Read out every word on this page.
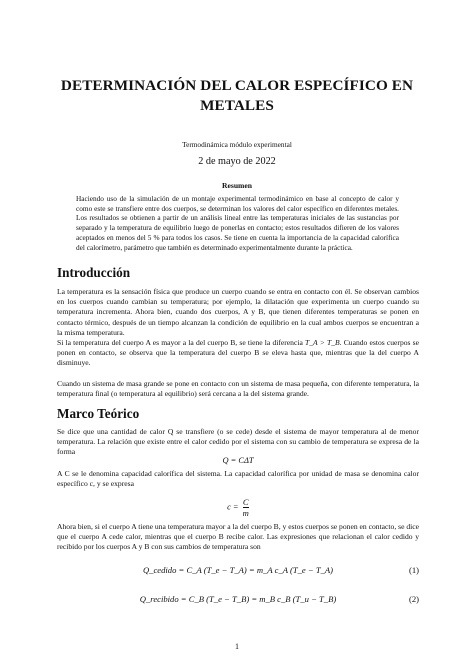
DETERMINACIÓN DEL CALOR ESPECÍFICO EN METALES
Termodinámica módulo experimental
2 de mayo de 2022
Resumen
Haciendo uso de la simulación de un montaje experimental termodinámico en base al concepto de calor y como este se transfiere entre dos cuerpos, se determinan los valores del calor específico en diferentes metales. Los resultados se obtienen a partir de un análisis lineal entre las temperaturas iniciales de las sustancias por separado y la temperatura de equilibrio luego de ponerlas en contacto; estos resultados difieren de los valores aceptados en menos del 5 % para todos los casos. Se tiene en cuenta la importancia de la capacidad calorífica del calorímetro, parámetro que también es determinado experimentalmente durante la práctica.
Introducción
La temperatura es la sensación física que produce un cuerpo cuando se entra en contacto con él. Se observan cambios en los cuerpos cuando cambian su temperatura; por ejemplo, la dilatación que experimenta un cuerpo cuando su temperatura incrementa. Ahora bien, cuando dos cuerpos, A y B, que tienen diferentes temperaturas se ponen en contacto térmico, después de un tiempo alcanzan la condición de equilibrio en la cual ambos cuerpos se encuentran a la misma temperatura.
Si la temperatura del cuerpo A es mayor a la del cuerpo B, se tiene la diferencia T_A > T_B. Cuando estos cuerpos se ponen en contacto, se observa que la temperatura del cuerpo B se eleva hasta que, mientras que la del cuerpo A disminuye.
Cuando un sistema de masa grande se pone en contacto con un sistema de masa pequeña, con diferente temperatura, la temperatura final (o temperatura al equilibrio) será cercana a la del sistema grande.
Marco Teórico
Se dice que una cantidad de calor Q se transfiere (o se cede) desde el sistema de mayor temperatura al de menor temperatura. La relación que existe entre el calor cedido por el sistema con su cambio de temperatura se expresa de la forma
Q = CΔT
A C se le denomina capacidad calorífica del sistema. La capacidad calorífica por unidad de masa se denomina calor específico c, y se expresa
$c = \frac{C}{m}$
Ahora bien, si el cuerpo A tiene una temperatura mayor a la del cuerpo B, y estos cuerpos se ponen en contacto, se dice que el cuerpo A cede calor, mientras que el cuerpo B recibe calor. Las expresiones que relacionan el calor cedido y recibido por los cuerpos A y B con sus cambios de temperatura son
Q_cedido = C_A (T_e − T_A) = m_A c_A (T_e − T_A)	(1)
Q_recibido = C_B (T_e − T_B) = m_B c_B (T_u − T_B)	(2)
1
